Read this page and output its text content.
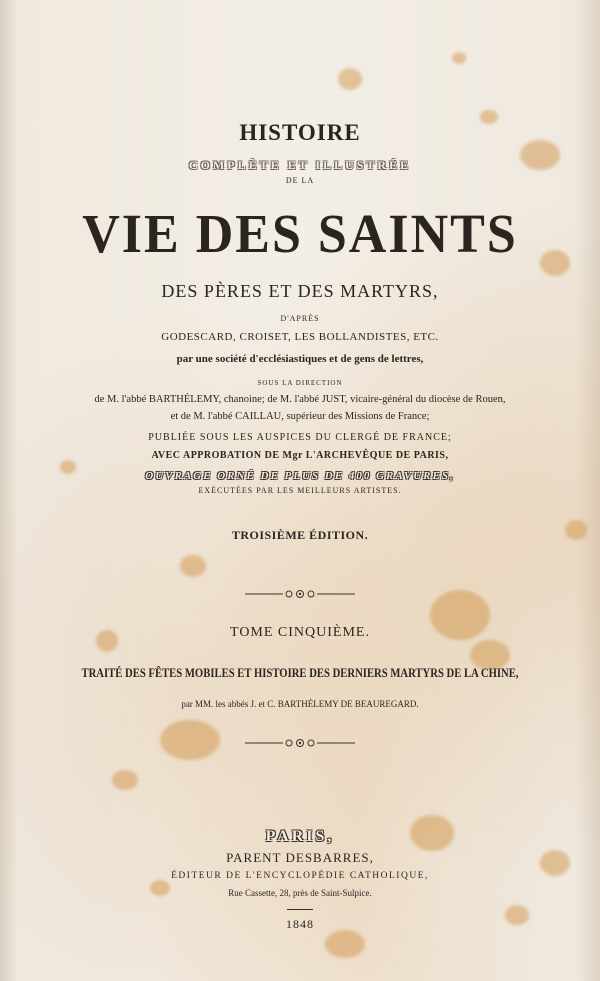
HISTOIRE
COMPLÈTE ET ILLUSTRÉE
DE LA
VIE DES SAINTS
DES PÈRES ET DES MARTYRS,
D'APRÈS
GODESCARD, CROISET, LES BOLLANDISTES, ETC.
par une société d'ecclésiastiques et de gens de lettres,
SOUS LA DIRECTION
de M. l'abbé BARTHÉLEMY, chanoine; de M. l'abbé JUST, vicaire-général du diocèse de Rouen,
et de M. l'abbé CAILLAU, supérieur des Missions de France;
PUBLIÉE SOUS LES AUSPICES DU CLERGÉ DE FRANCE;
AVEC APPROBATION DE Mgr L'ARCHEVÊQUE DE PARIS,
OUVRAGE ORNÉ DE PLUS DE 400 GRAVURES,
EXÉCUTÉES PAR LES MEILLEURS ARTISTES.
TROISIÈME ÉDITION.
TOME CINQUIÈME.
TRAITÉ DES FÊTES MOBILES ET HISTOIRE DES DERNIERS MARTYRS DE LA CHINE,
par MM. les abbés J. et C. BARTHÉLEMY DE BEAUREGARD.
PARIS,
PARENT DESBARRES,
ÉDITEUR DE L'ENCYCLOPÉDIE CATHOLIQUE,
Rue Cassette, 28, près de Saint-Sulpice.
1848
